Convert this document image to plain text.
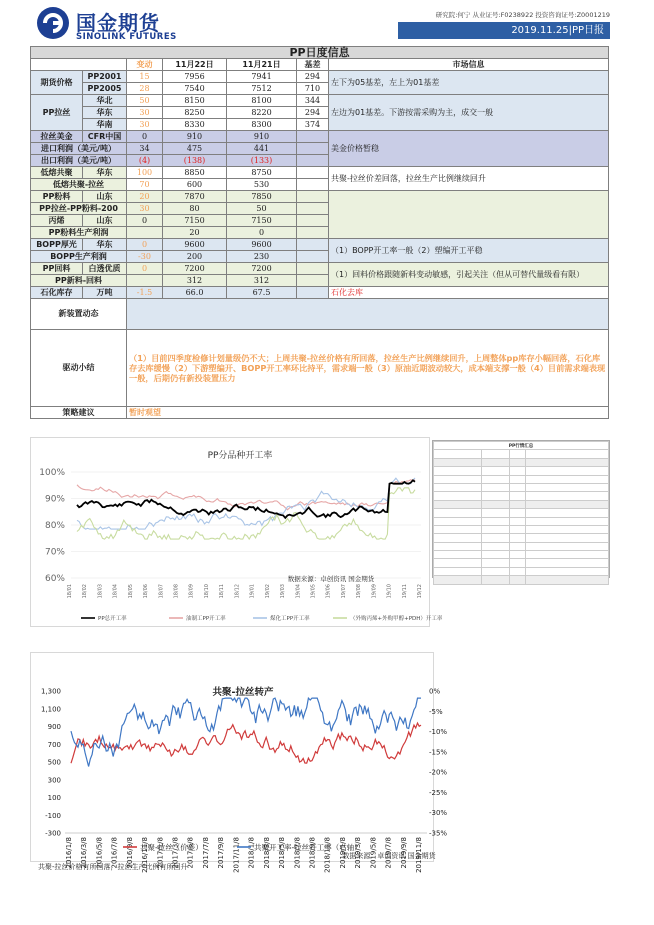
国金期货
SINOLINK FUTURES
研究院:何宁 从业证号:F0238922 投资咨询证号:Z0001219
2019.11.25|PP日报
PP日度信息						
		变动	11月22日	11月21日	基差	市场信息
期货价格	PP2001	15	7956	7941	294	左下为05基差，左上为01基差
	PP2005	28	7540	7512	710	
PP拉丝	华北	50	8150	8100	344	左边为01基差。下游按需采购为主，成交一般
	华东	30	8250	8220	294	
	华南	30	8330	8300	374	
拉丝美金	CFR中国	0	910	910		美金价格暂稳
进口利润（美元/吨）		34	475	441		
出口利润（美元/吨）		(4)	(138)	(133)		
低熔共聚	华东	100	8850	8750		共聚-拉丝价差回落，拉丝生产比例继续回升
低熔共聚-拉丝		70	600	530		
PP粉料	山东	20	7870	7850		
PP拉丝-PP粉料-200		30	80	50		
丙烯	山东	0	7150	7150		
PP粉料生产利润			20	0		
BOPP厚光	华东	0	9600	9600		（1）BOPP开工率一般（2）塑编开工平稳
BOPP生产利润		-30	200	230		
PP回料	白透优质	0	7200	7200		（1）回料价格跟随新料变动敏感，引起关注（但从可替代量级看有限）
PP新料-回料			312	312		
石化库存	万吨	-1.5	66.0	67.5		石化去库
新装置动态						
驱动小结		（1）目前四季度检修计划量级仍不大；上周共聚-拉丝价格有所回落，拉丝生产比例继续回升，上周整体pp库存小幅回落，石化库存去库缓慢（2）下游塑编开、BOPP开工率环比持平，需求端一般（3）原油近期波动较大，成本端支撑一般（4）目前需求端表现一般，后期仍有新投装置压力				
策略建议		暂时观望				
PP分品种开工率
100%
90%
80%
70%
60%
18/01 18/02 18/03 18/04 18/05 18/06 18/07 18/08 18/09 18/10 18/11 18/12 19/01 19/02 19/03 19/04 19/05 19/06 19/07 19/08 19/09 19/10 19/11 19/12
数据来源：卓创资讯 国金期货
PP总开工率	油制工PP开工率	煤化工PP开工率	（外购丙烯+外购甲醇+PDH）开工率
PP行情汇总			

共聚-拉丝转产
1,300
1,100
900
700
500
300
100
-100
-300
0%
-5%
-10%
-15%
-20%
-25%
-30%
-35%
2016/1/8 2016/3/8 2016/5/8 2016/7/8 2016/9/8 2016/11/8 2017/1/8 2017/3/8 2017/5/8 2017/7/8 2017/9/8 2017/11/8 2018/1/8 2018/3/8 2018/5/8 2018/7/8 2018/9/8 2018/11/8 2019/1/8 2019/3/8 2019/5/8 2019/7/8 2019/9/8 2019/11/8
共聚-拉丝（价差）	共聚开工率-拉丝开工率（右轴）
数据来源：卓创资讯 国金期货
共聚-拉丝价格有所回落，拉丝生产比例有所回升
